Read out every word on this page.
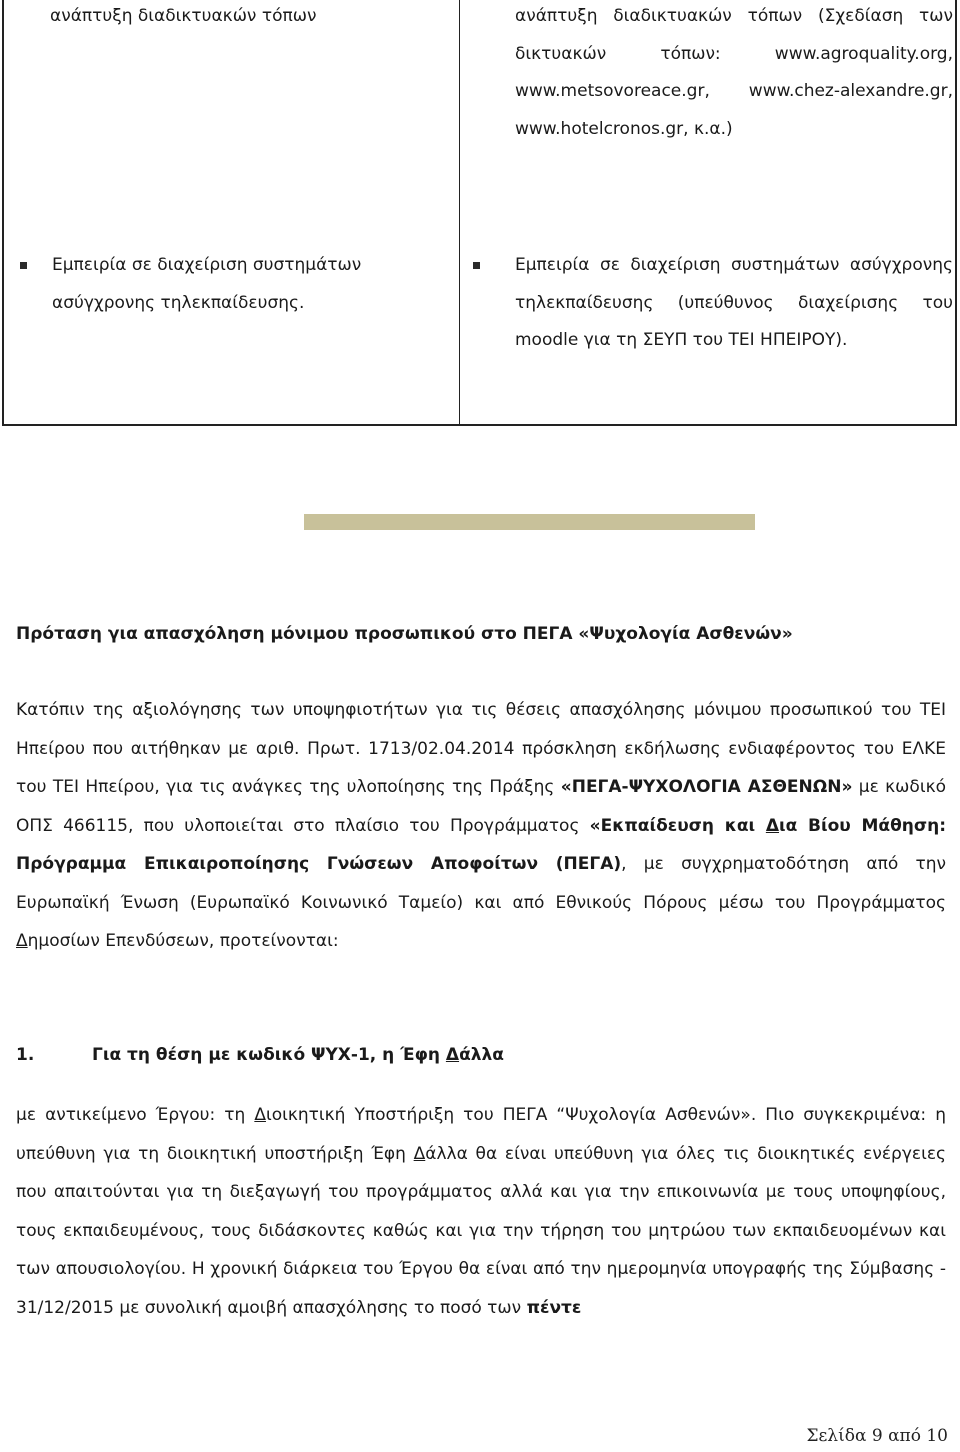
ανάπτυξη διαδικτυακών τόπων
Εμπειρία σε διαχείριση συστημάτων ασύγχρονης τηλεκπαίδευσης.
ανάπτυξη διαδικτυακών τόπων (Σχεδίαση των δικτυακών τόπων: www.agroquality.org, www.metsovoreace.gr, www.chez-alexandre.gr, www.hotelcronos.gr, κ.α.)
Εμπειρία σε διαχείριση συστημάτων ασύγχρονης τηλεκπαίδευσης (υπεύθυνος διαχείρισης του moodle για τη ΣΕΥΠ του ΤΕΙ ΗΠΕΙΡΟΥ).
Πρόταση για απασχόληση μόνιμου προσωπικού στο ΠΕΓΑ «Ψυχολογία Ασθενών»
Κατόπιν της αξιολόγησης των υποψηφιοτήτων για τις θέσεις απασχόλησης μόνιμου προσωπικού του ΤΕΙ Ηπείρου που αιτήθηκαν με αριθ. Πρωτ. 1713/02.04.2014 πρόσκληση εκδήλωσης ενδιαφέροντος του ΕΛΚΕ του ΤΕΙ Ηπείρου, για τις ανάγκες της υλοποίησης της Πράξης «ΠΕΓΑ-ΨΥΧΟΛΟΓΙΑ ΑΣΘΕΝΩΝ» με κωδικό ΟΠΣ 466115, που υλοποιείται στο πλαίσιο του Προγράμματος «Εκπαίδευση και Δια Βίου Μάθηση: Πρόγραμμα Επικαιροποίησης Γνώσεων Αποφοίτων (ΠΕΓΑ), με συγχρηματοδότηση από την Ευρωπαϊκή Ένωση (Ευρωπαϊκό Κοινωνικό Ταμείο) και από Εθνικούς Πόρους μέσω του Προγράμματος Δημοσίων Επενδύσεων, προτείνονται:
1.	Για τη θέση με κωδικό ΨΥΧ-1, η Έφη Δάλλα
με αντικείμενο Έργου: τη Διοικητική Υποστήριξη του ΠΕΓΑ “Ψυχολογία Ασθενών». Πιο συγκεκριμένα: η υπεύθυνη για τη διοικητική υποστήριξη Έφη Δάλλα θα είναι υπεύθυνη για όλες τις διοικητικές ενέργειες που απαιτούνται για τη διεξαγωγή του προγράμματος αλλά και για την επικοινωνία με τους υποψηφίους, τους εκπαιδευμένους, τους διδάσκοντες καθώς και για την τήρηση του μητρώου των εκπαιδευομένων και των απουσιολογίου. Η χρονική διάρκεια του Έργου θα είναι από την ημερομηνία υπογραφής της Σύμβασης - 31/12/2015 με συνολική αμοιβή απασχόλησης το ποσό των πέντε
Σελίδα 9 από 10
